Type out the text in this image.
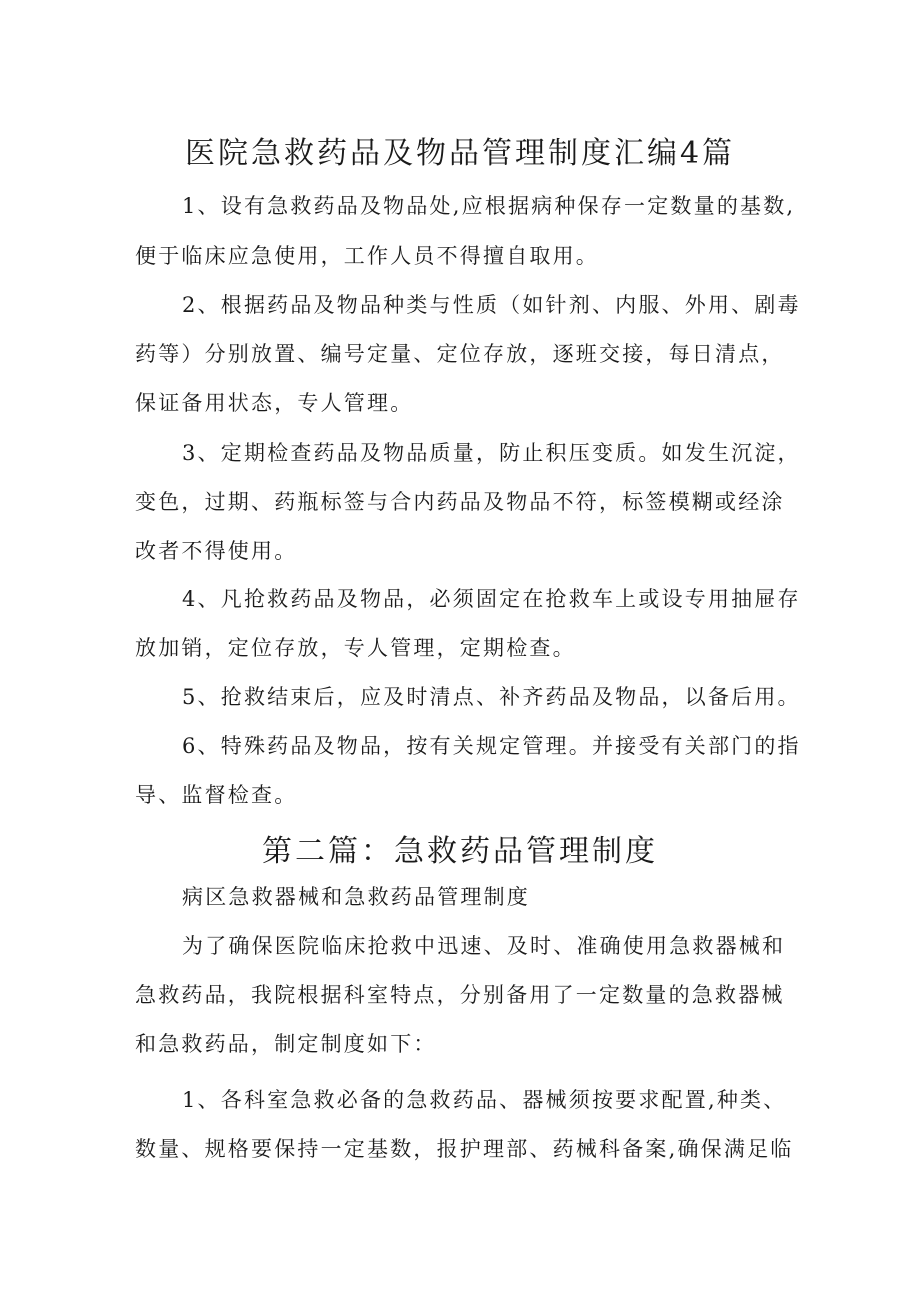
医院急救药品及物品管理制度汇编4篇
1、设有急救药品及物品处,应根据病种保存一定数量的基数,
便于临床应急使用，工作人员不得擅自取用。
2、根据药品及物品种类与性质（如针剂、内服、外用、剧毒
药等）分别放置、编号定量、定位存放，逐班交接，每日清点，
保证备用状态，专人管理。
3、定期检查药品及物品质量，防止积压变质。如发生沉淀，
变色，过期、药瓶标签与合内药品及物品不符，标签模糊或经涂
改者不得使用。
4、凡抢救药品及物品，必须固定在抢救车上或设专用抽屉存
放加销，定位存放，专人管理，定期检查。
5、抢救结束后，应及时清点、补齐药品及物品，以备后用。
6、特殊药品及物品，按有关规定管理。并接受有关部门的指
导、监督检查。
第二篇：急救药品管理制度
病区急救器械和急救药品管理制度
为了确保医院临床抢救中迅速、及时、准确使用急救器械和
急救药品，我院根据科室特点，分别备用了一定数量的急救器械
和急救药品，制定制度如下：
1、各科室急救必备的急救药品、器械须按要求配置,种类、
数量、规格要保持一定基数，报护理部、药械科备案,确保满足临
